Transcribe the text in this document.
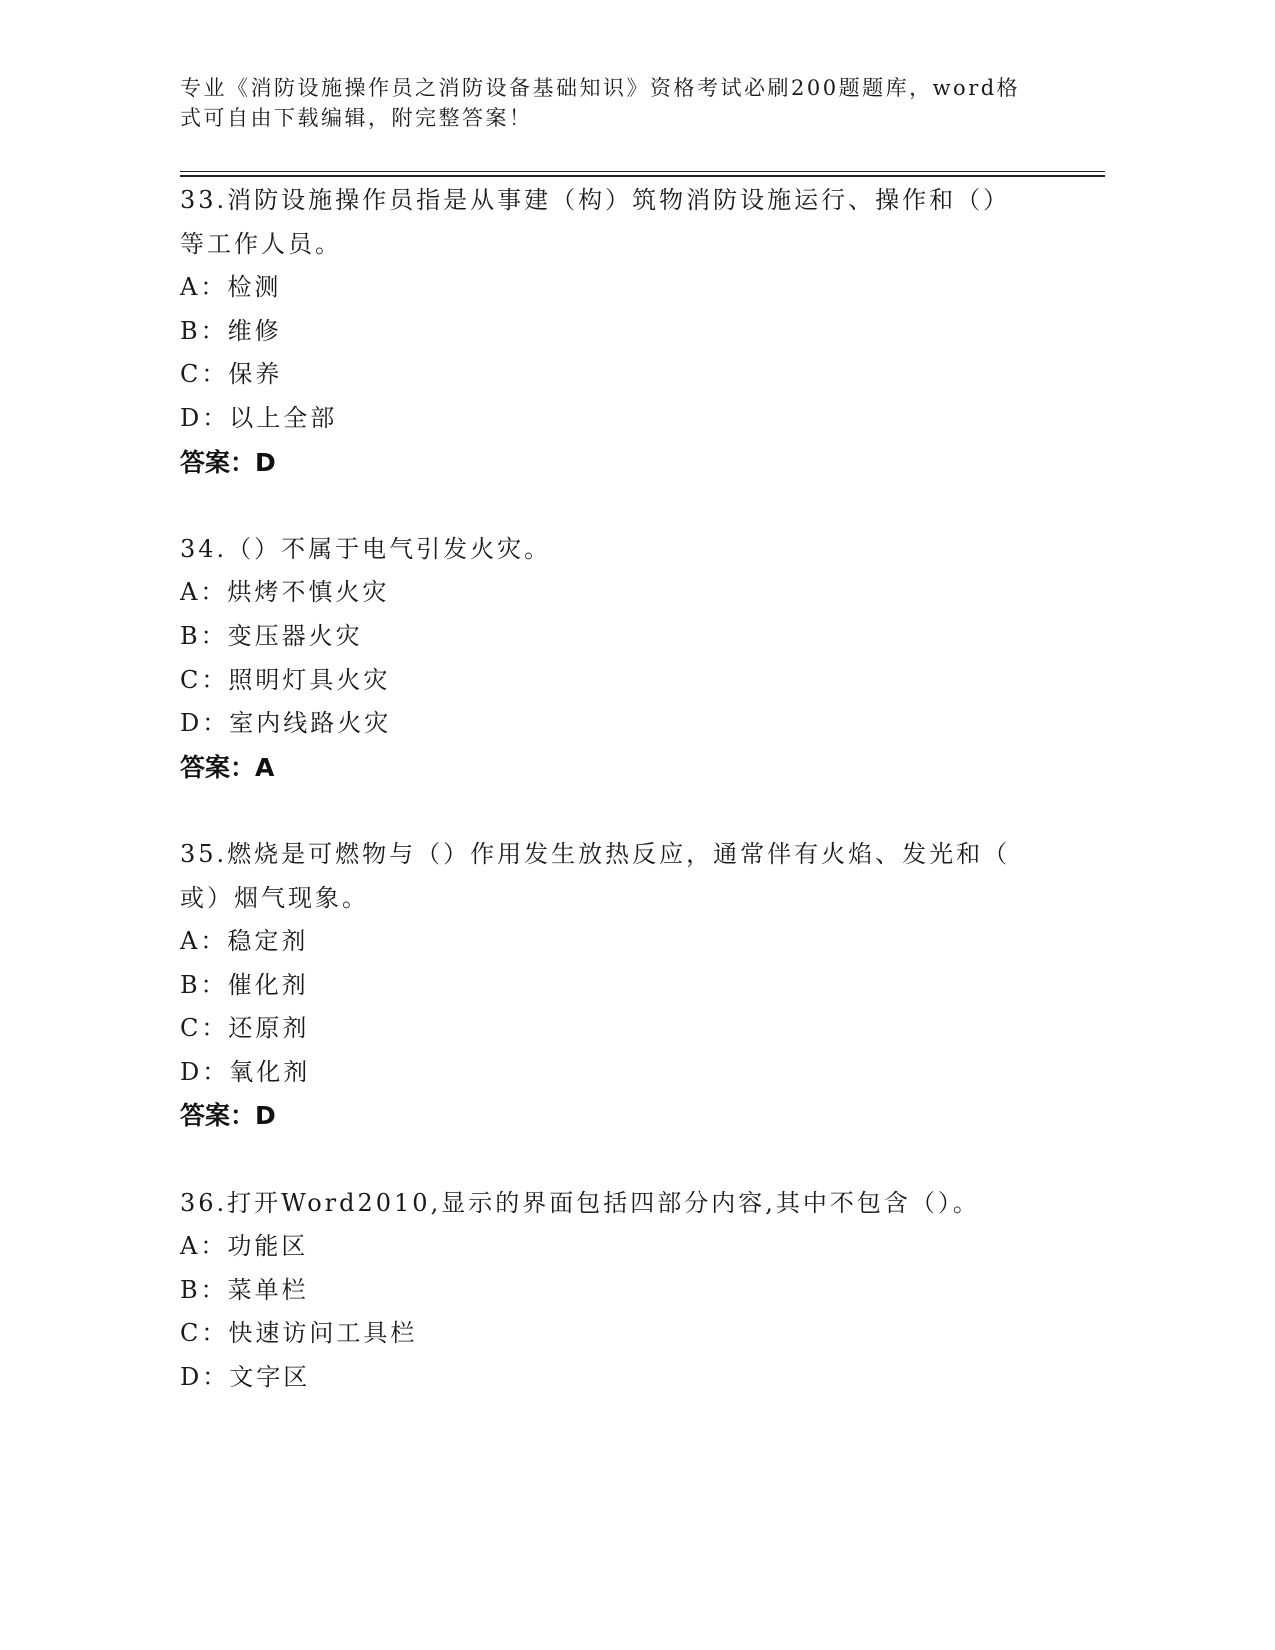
专业《消防设施操作员之消防设备基础知识》资格考试必刷200题题库，word格
式可自由下载编辑，附完整答案！
33.消防设施操作员指是从事建（构）筑物消防设施运行、操作和（）
等工作人员。
A：检测
B：维修
C：保养
D：以上全部
答案：D
34.（）不属于电气引发火灾。
A：烘烤不慎火灾
B：变压器火灾
C：照明灯具火灾
D：室内线路火灾
答案：A
35.燃烧是可燃物与（）作用发生放热反应，通常伴有火焰、发光和（
或）烟气现象。
A：稳定剂
B：催化剂
C：还原剂
D：氧化剂
答案：D
36.打开Word2010,显示的界面包括四部分内容,其中不包含（）。
A：功能区
B：菜单栏
C：快速访问工具栏
D：文字区
